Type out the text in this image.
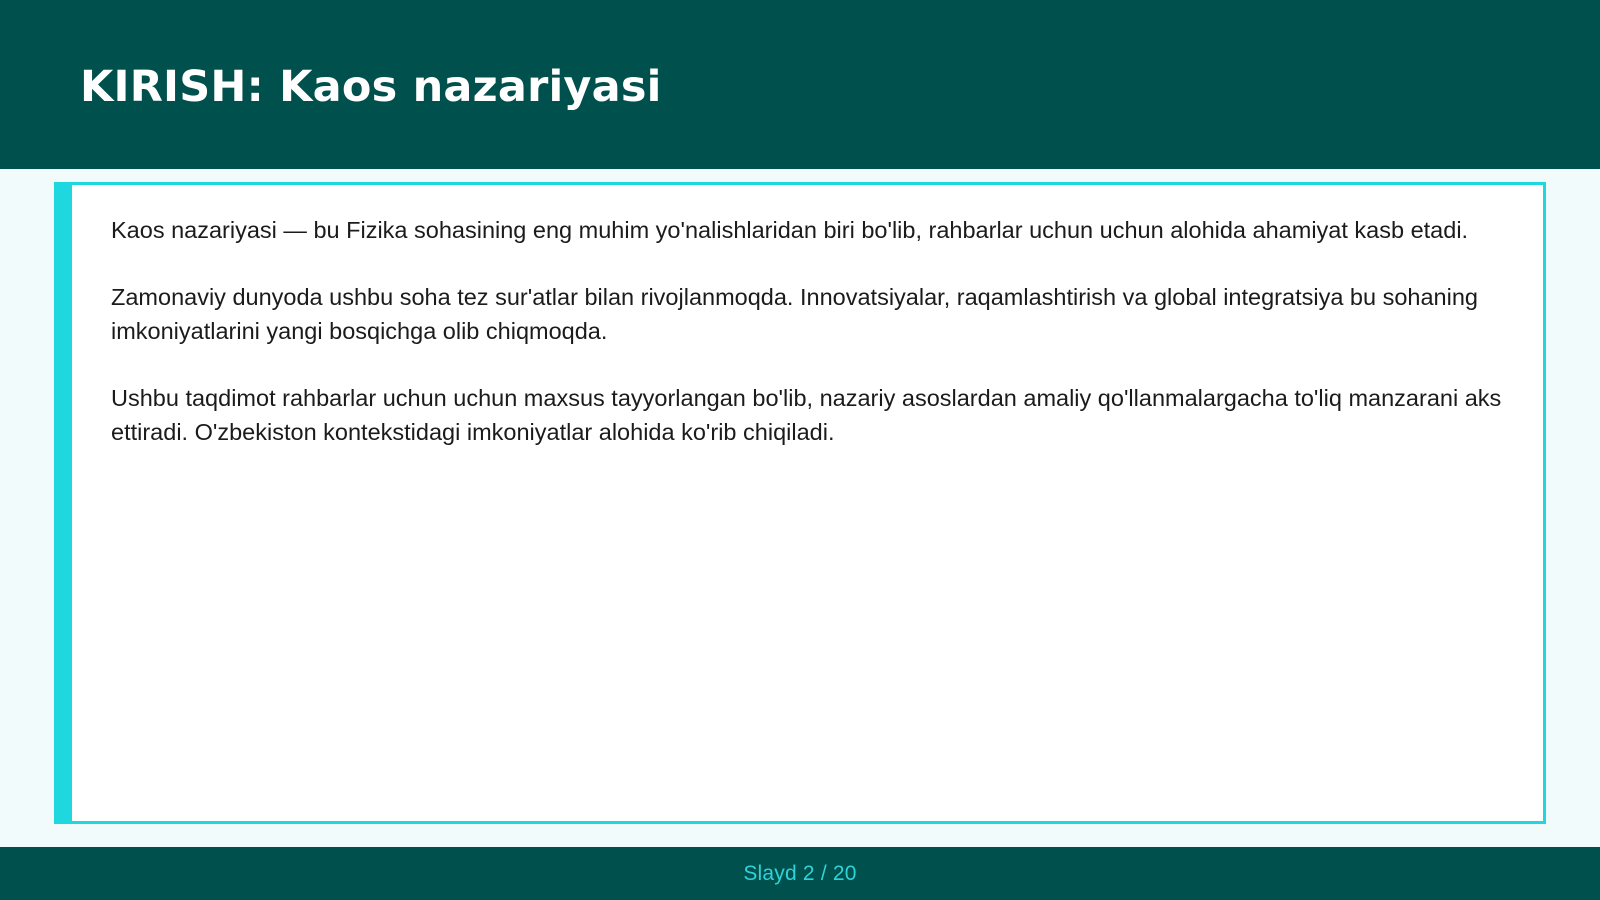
KIRISH: Kaos nazariyasi

Kaos nazariyasi — bu Fizika sohasining eng muhim yo'nalishlaridan biri bo'lib, rahbarlar uchun uchun alohida ahamiyat kasb etadi.

Zamonaviy dunyoda ushbu soha tez sur'atlar bilan rivojlanmoqda. Innovatsiyalar, raqamlashtirish va global integratsiya bu sohaning imkoniyatlarini yangi bosqichga olib chiqmoqda.

Ushbu taqdimot rahbarlar uchun uchun maxsus tayyorlangan bo'lib, nazariy asoslardan amaliy qo'llanmalargacha to'liq manzarani aks ettiradi. O'zbekiston kontekstidagi imkoniyatlar alohida ko'rib chiqiladi.

Slayd 2 / 20
